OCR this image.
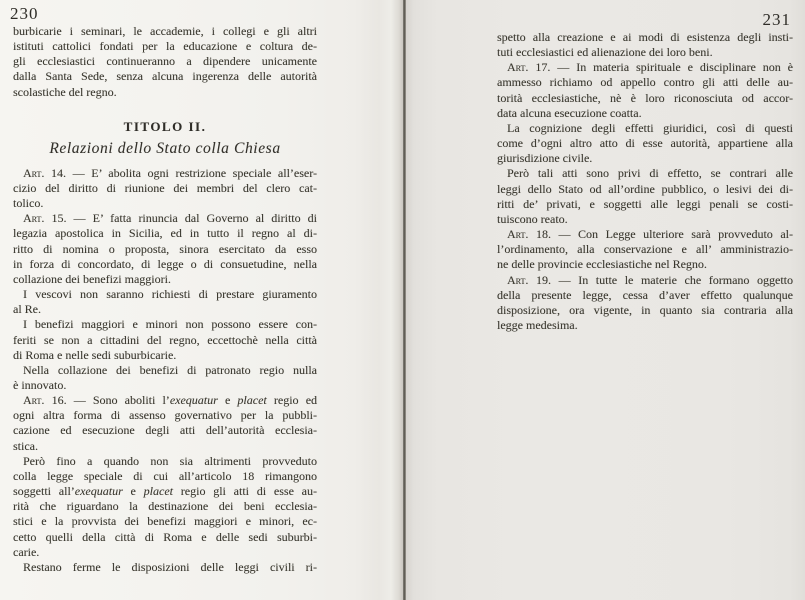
230
burbicarie i seminari, le accademie, i collegi e gli altri
istituti cattolici fondati per la educazione e coltura de-
gli ecclesiastici continueranno a dipendere unicamente
dalla Santa Sede, senza alcuna ingerenza delle autorità
scolastiche del regno.
TITOLO II.
Relazioni dello Stato colla Chiesa
Art. 14. — E’ abolita ogni restrizione speciale all’eser-
cizio del diritto di riunione dei membri del clero cat-
tolico.
Art. 15. — E’ fatta rinuncia dal Governo al diritto di
legazia apostolica in Sicilia, ed in tutto il regno al di-
ritto di nomina o proposta, sinora esercitato da esso
in forza di concordato, di legge o di consuetudine, nella
collazione dei benefizi maggiori.
I vescovi non saranno richiesti di prestare giuramento
al Re.
I benefizi maggiori e minori non possono essere con-
feriti se non a cittadini del regno, eccettochè nella città
di Roma e nelle sedi suburbicarie.
Nella collazione dei benefizi di patronato regio nulla
è innovato.
Art. 16. — Sono aboliti l’exequatur e placet regio ed
ogni altra forma di assenso governativo per la pubbli-
cazione ed esecuzione degli atti dell’autorità ecclesia-
stica.
Però fino a quando non sia altrimenti provveduto
colla legge speciale di cui all’articolo 18 rimangono
soggetti all’exequatur e placet regio gli atti di esse au-
rità che riguardano la destinazione dei beni ecclesia-
stici e la provvista dei benefizi maggiori e minori, ec-
cetto quelli della città di Roma e delle sedi suburbi-
carie.
Restano ferme le disposizioni delle leggi civili ri-
231
spetto alla creazione e ai modi di esistenza degli insti-
tuti ecclesiastici ed alienazione dei loro beni.
Art. 17. — In materia spirituale e disciplinare non è
ammesso richiamo od appello contro gli atti delle au-
torità ecclesiastiche, nè è loro riconosciuta od accor-
data alcuna esecuzione coatta.
La cognizione degli effetti giuridici, così di questi
come d’ogni altro atto di esse autorità, appartiene alla
giurisdizione civile.
Però tali atti sono privi di effetto, se contrari alle
leggi dello Stato od all’ordine pubblico, o lesivi dei di-
ritti de’ privati, e soggetti alle leggi penali se costi-
tuiscono reato.
Art. 18. — Con Legge ulteriore sarà provveduto al-
l’ordinamento, alla conservazione e all’ amministrazio-
ne delle provincie ecclesiastiche nel Regno.
Art. 19. — In tutte le materie che formano oggetto
della presente legge, cessa d’aver effetto qualunque
disposizione, ora vigente, in quanto sia contraria alla
legge medesima.
